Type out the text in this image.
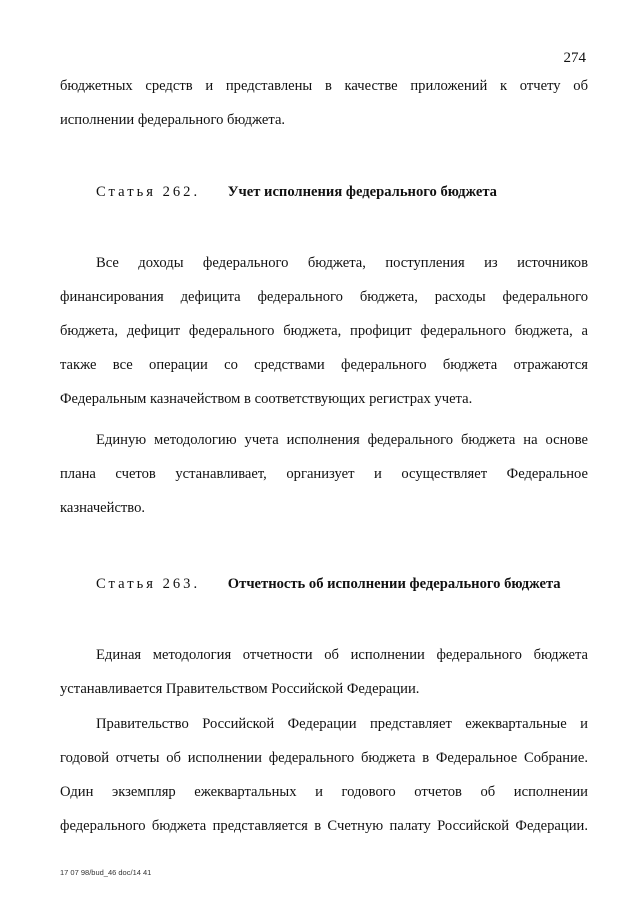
274
бюджетных средств и представлены в качестве приложений к отчету об
исполнении федерального бюджета.
Статья 262. Учет исполнения федерального бюджета
Все доходы федерального бюджета, поступления из источников
финансирования дефицита федерального бюджета, расходы федерального
бюджета, дефицит федерального бюджета, профицит федерального бюджета, а
также все операции со средствами федерального бюджета отражаются
Федеральным казначейством в соответствующих регистрах учета.
Единую методологию учета исполнения федерального бюджета на основе
плана счетов устанавливает, организует и осуществляет Федеральное
казначейство.
Статья 263. Отчетность об исполнении федерального бюджета
Единая методология отчетности об исполнении федерального бюджета
устанавливается Правительством Российской Федерации.
Правительство Российской Федерации представляет ежеквартальные и
годовой отчеты об исполнении федерального бюджета в Федеральное Собрание.
Один экземпляр ежеквартальных и годового отчетов об исполнении
федерального бюджета представляется в Счетную палату Российской Федерации.
17 07 98/bud_46 doc/14 41
